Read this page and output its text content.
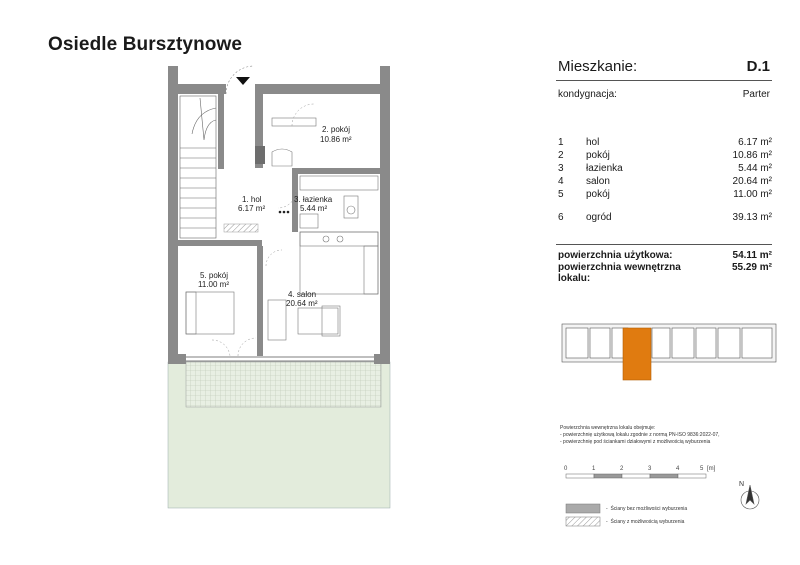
Osiedle Bursztynowe
2. pokój
10.86 m²
1. hol
6.17 m²
3. łazienka
5.44 m²
5. pokój
11.00 m²
4. salon
20.64 m²
0	1	2	3	4	5 [m]
N
Mieszkanie:	D.1
kondygnacja:	Parter
1	hol	6.17 m²
2	pokój	10.86 m²
3	łazienka	5.44 m²
4	salon	20.64 m²
5	pokój	11.00 m²
6	ogród	39.13 m²
powierzchnia użytkowa:	54.11 m²
powierzchnia wewnętrzna lokalu:
55.29 m²
Powierzchnia wewnętrzna lokalu obejmuje:
- powierzchnię użytkową lokalu zgodnie z normą PN-ISO 9836:2022-07,
- powierzchnię pod ściankami działowymi z możliwością wyburzenia
-  Ściany bez możliwości wyburzenia
-  Ściany z możliwością wyburzenia
